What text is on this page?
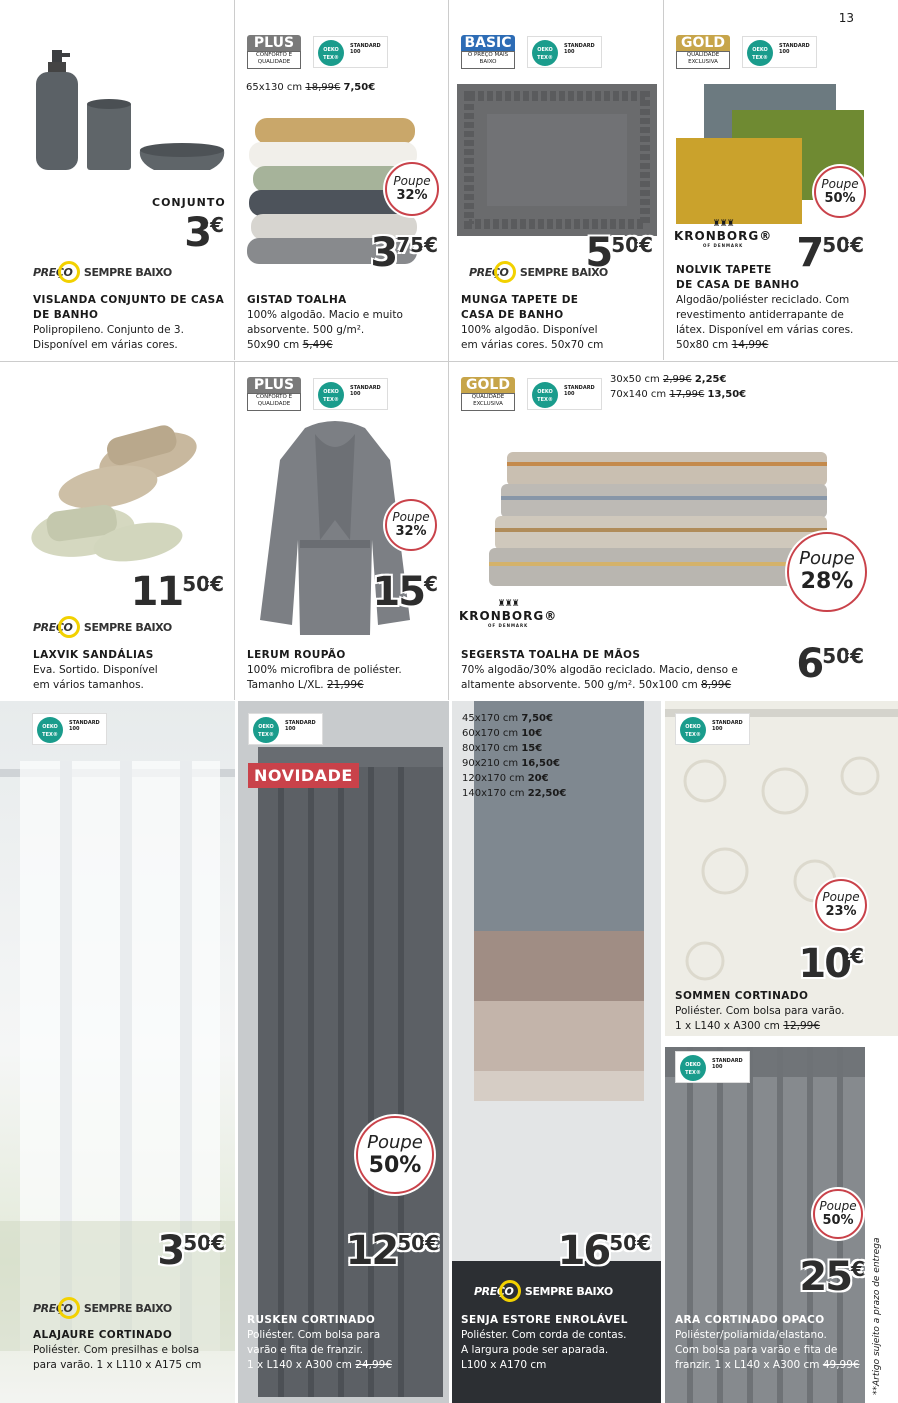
13
CONJUNTO
3€
PREÇO SEMPRE BAIXO
VISLANDA CONJUNTO DE CASA
DE BANHO
Polipropileno. Conjunto de 3.
Disponível em várias cores.
PLUS
CONFORTO E QUALIDADE
OEKO
TEX®
STANDARD 100
65x130 cm 18,99€ 7,50€
Poupe
32%
375€
GISTAD TOALHA
100% algodão. Macio e muito
absorvente. 500 g/m².
50x90 cm 5,49€
BASIC
O PREÇO MAIS BAIXO
OEKO
TEX®
STANDARD 100
550€
PREÇO SEMPRE BAIXO
MUNGA TAPETE DE
CASA DE BANHO
100% algodão. Disponível
em várias cores. 50x70 cm
GOLD
QUALIDADE EXCLUSIVA
OEKO
TEX®
STANDARD 100
Poupe
50%
♜♜♜
KRONBORG®
OF DENMARK	750€
NOLVIK TAPETE
DE CASA DE BANHO
Algodão/poliéster reciclado. Com
revestimento antiderrapante de
látex. Disponível em várias cores.
50x80 cm 14,99€
1150€
PREÇO SEMPRE BAIXO
LAXVIK SANDÁLIAS
Eva. Sortido. Disponível
em vários tamanhos.
PLUS
CONFORTO E QUALIDADE
OEKO
TEX®
STANDARD 100
Poupe
32%
15€
LERUM ROUPÃO
100% microfibra de poliéster.
Tamanho L/XL. 21,99€
GOLD
QUALIDADE EXCLUSIVA
OEKO
TEX®
STANDARD 100
30x50 cm 2,99€ 2,25€
70x140 cm 17,99€ 13,50€
Poupe
28%
♜♜♜
KRONBORG®
OF DENMARK
650€
SEGERSTA TOALHA DE MÃOS
70% algodão/30% algodão reciclado. Macio, denso e
altamente absorvente. 500 g/m². 50x100 cm 8,99€
OEKO
TEX®
STANDARD 100
350€
PREÇO SEMPRE BAIXO
ALAJAURE CORTINADO
Poliéster. Com presilhas e bolsa
para varão. 1 x L110 x A175 cm
OEKO
TEX®
STANDARD 100
NOVIDADE
Poupe
50%
1250€
RUSKEN CORTINADO
Poliéster. Com bolsa para
varão e fita de franzir.
1 x L140 x A300 cm 24,99€
45x170 cm 7,50€
60x170 cm 10€
80x170 cm 15€
90x210 cm 16,50€
120x170 cm 20€
140x170 cm 22,50€
1650€
PREÇO SEMPRE BAIXO
SENJA ESTORE ENROLÁVEL
Poliéster. Com corda de contas.
A largura pode ser aparada.
L100 x A170 cm
OEKO
TEX®
STANDARD 100
Poupe
23%
10€
SOMMEN CORTINADO
Poliéster. Com bolsa para varão.
1 x L140 x A300 cm 12,99€
OEKO
TEX®
STANDARD 100
Poupe
50%
25€
ARA CORTINADO OPACO
Poliéster/poliamida/elastano.
Com bolsa para varão e fita de
franzir. 1 x L140 x A300 cm 49,99€ **Artigo sujeito a prazo de entrega
